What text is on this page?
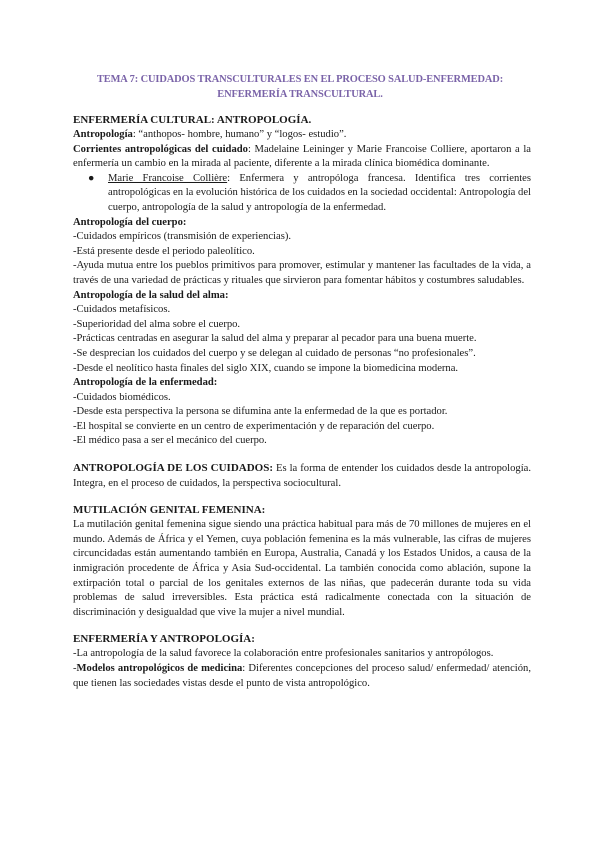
TEMA 7: CUIDADOS TRANSCULTURALES EN EL PROCESO SALUD-ENFERMEDAD:
ENFERMERÍA TRANSCULTURAL.

ENFERMERÍA CULTURAL: ANTROPOLOGÍA.

Antropología: “anthopos- hombre, humano” y “logos- estudio”.

Corrientes antropológicas del cuidado: Madelaine Leininger y Marie Francoise Colliere, aportaron a la enfermería un cambio en la mirada al paciente, diferente a la mirada clínica biomédica dominante.

● Marie Francoise Collière: Enfermera y antropóloga francesa. Identifica tres corrientes antropológicas en la evolución histórica de los cuidados en la sociedad occidental: Antropología del cuerpo, antropología de la salud y antropología de la enfermedad.

Antropología del cuerpo:

-Cuidados empíricos (transmisión de experiencias).

-Está presente desde el periodo paleolítico.

-Ayuda mutua entre los pueblos primitivos para promover, estimular y mantener las facultades de la vida, a través de una variedad de prácticas y rituales que sirvieron para fomentar hábitos y costumbres saludables.

Antropología de la salud del alma:

-Cuidados metafísicos.

-Superioridad del alma sobre el cuerpo.

-Prácticas centradas en asegurar la salud del alma y preparar al pecador para una buena muerte.

-Se desprecian los cuidados del cuerpo y se delegan al cuidado de personas “no profesionales”.

-Desde el neolítico hasta finales del siglo XIX, cuando se impone la biomedicina moderna.

Antropología de la enfermedad:

-Cuidados biomédicos.

-Desde esta perspectiva la persona se difumina ante la enfermedad de la que es portador.

-El hospital se convierte en un centro de experimentación y de reparación del cuerpo.

-El médico pasa a ser el mecánico del cuerpo.

ANTROPOLOGÍA DE LOS CUIDADOS: Es la forma de entender los cuidados desde la antropología. Integra, en el proceso de cuidados, la perspectiva sociocultural.

MUTILACIÓN GENITAL FEMENINA:

La mutilación genital femenina sigue siendo una práctica habitual para más de 70 millones de mujeres en el mundo. Además de África y el Yemen, cuya población femenina es la más vulnerable, las cifras de mujeres circuncidadas están aumentando también en Europa, Australia, Canadá y los Estados Unidos, a causa de la inmigración procedente de África y Asia Sud-occidental. La también conocida como ablación, supone la extirpación total o parcial de los genitales externos de las niñas, que padecerán durante toda su vida problemas de salud irreversibles. Esta práctica está radicalmente conectada con la situación de discriminación y desigualdad que vive la mujer a nivel mundial.

ENFERMERÍA Y ANTROPOLOGÍA:

-La antropología de la salud favorece la colaboración entre profesionales sanitarios y antropólogos.

-Modelos antropológicos de medicina: Diferentes concepciones del proceso salud/ enfermedad/ atención, que tienen las sociedades vistas desde el punto de vista antropológico.
